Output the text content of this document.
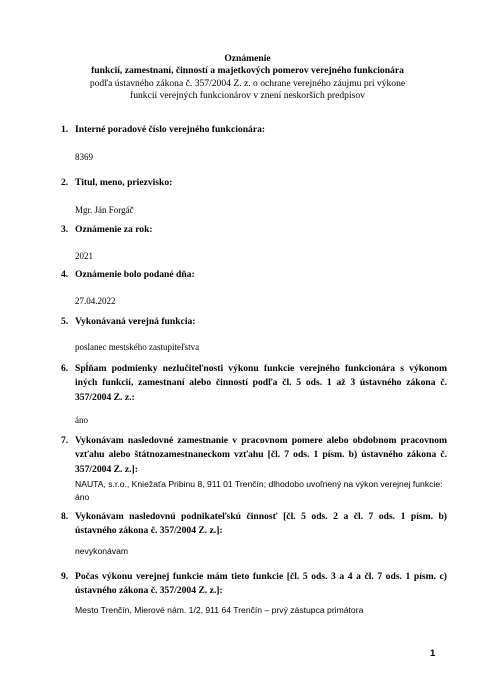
Oznámenie
funkcií, zamestnaní, činností a majetkových pomerov verejného funkcionára
podľa ústavného zákona č. 357/2004 Z. z. o ochrane verejného záujmu pri výkone
funkcií verejných funkcionárov v znení neskorších predpisov
1. Interné poradové číslo verejného funkcionára:

8369

2. Titul, meno, priezvisko:

Mgr. Ján Forgáč

3. Oznámenie za rok:

2021

4. Oznámenie bolo podané dňa:

27.04.2022

5. Vykonávaná verejná funkcia:

poslanec mestského zastupiteľstva

6. Spĺňam podmienky nezlučiteľnosti výkonu funkcie verejného funkcionára s výkonom iných funkcií, zamestnaní alebo činností podľa čl. 5 ods. 1 až 3 ústavného zákona č. 357/2004 Z. z.:

áno

7. Vykonávam nasledovné zamestnanie v pracovnom pomere alebo obdobnom pracovnom vzťahu alebo štátnozamestnaneckom vzťahu [čl. 7 ods. 1 písm. b) ústavného zákona č. 357/2004 Z. z.]:

NAUTA, s.r.o., Kniežaťa Pribinu 8, 911 01 Trenčín; dlhodobo uvoľnený na výkon verejnej funkcie: áno

8. Vykonávam nasledovnú podnikateľskú činnosť [čl. 5 ods. 2 a čl. 7 ods. 1 písm. b) ústavného zákona č. 357/2004 Z. z.]:

nevykonávam

9. Počas výkonu verejnej funkcie mám tieto funkcie [čl. 5 ods. 3 a 4 a čl. 7 ods. 1 písm. c) ústavného zákona č. 357/2004 Z. z.]:

Mesto Trenčín, Mierové nám. 1/2, 911 64 Trenčín – prvý zástupca primátora

1
